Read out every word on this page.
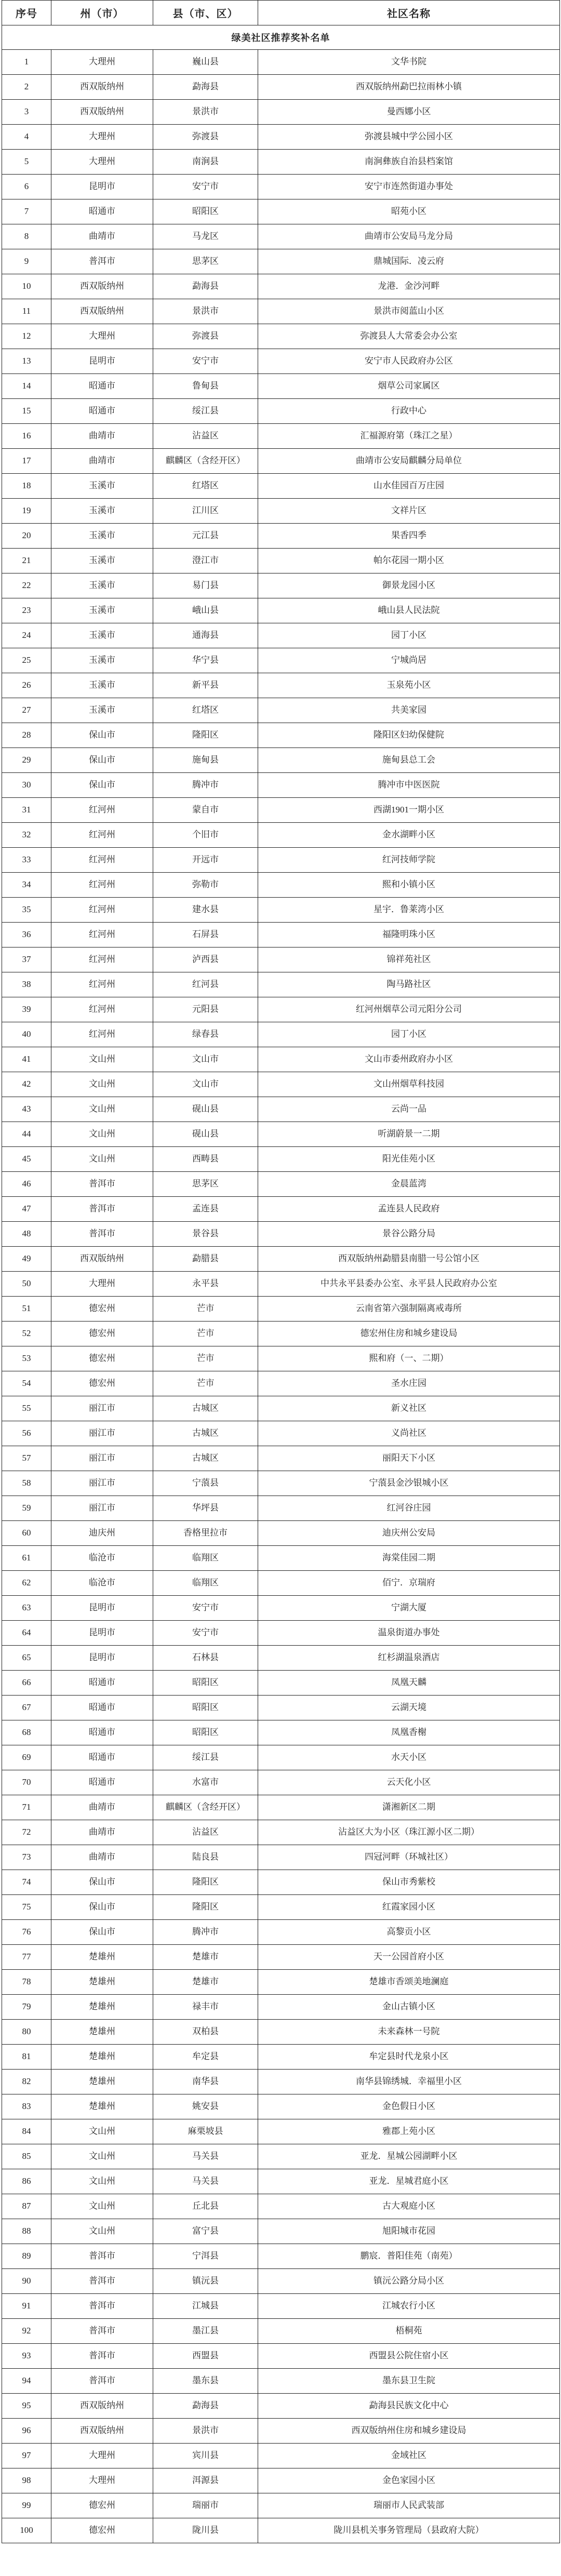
序号	州（市）	县（市、区）	社区名称
绿美社区推荐奖补名单			
1	大理州	巍山县	文华书院
2	西双版纳州	勐海县	西双版纳州勐巴拉雨林小镇
3	西双版纳州	景洪市	曼西娜小区
4	大理州	弥渡县	弥渡县城中学公园小区
5	大理州	南涧县	南涧彝族自治县档案馆
6	昆明市	安宁市	安宁市连然街道办事处
7	昭通市	昭阳区	昭苑小区
8	曲靖市	马龙区	曲靖市公安局马龙分局
9	普洱市	思茅区	鼎城国际．凌云府
10	西双版纳州	勐海县	龙港．金沙河畔
11	西双版纳州	景洪市	景洪市阅蓝山小区
12	大理州	弥渡县	弥渡县人大常委会办公室
13	昆明市	安宁市	安宁市人民政府办公区
14	昭通市	鲁甸县	烟草公司家属区
15	昭通市	绥江县	行政中心
16	曲靖市	沾益区	汇福源府第（珠江之星）
17	曲靖市	麒麟区（含经开区）	曲靖市公安局麒麟分局单位
18	玉溪市	红塔区	山水佳园百万庄园
19	玉溪市	江川区	文祥片区
20	玉溪市	元江县	果香四季
21	玉溪市	澄江市	帕尔花园一期小区
22	玉溪市	易门县	御景龙园小区
23	玉溪市	峨山县	峨山县人民法院
24	玉溪市	通海县	园丁小区
25	玉溪市	华宁县	宁城尚居
26	玉溪市	新平县	玉泉苑小区
27	玉溪市	红塔区	共美家园
28	保山市	隆阳区	隆阳区妇幼保健院
29	保山市	施甸县	施甸县总工会
30	保山市	腾冲市	腾冲市中医医院
31	红河州	蒙自市	西湖1901一期小区
32	红河州	个旧市	金水湖畔小区
33	红河州	开远市	红河技师学院
34	红河州	弥勒市	熙和小镇小区
35	红河州	建水县	星宇．鲁莱湾小区
36	红河州	石屏县	福隆明珠小区
37	红河州	泸西县	锦祥苑社区
38	红河州	红河县	陶马路社区
39	红河州	元阳县	红河州烟草公司元阳分公司
40	红河州	绿春县	园丁小区
41	文山州	文山市	文山市委州政府办小区
42	文山州	文山市	文山州烟草科技园
43	文山州	砚山县	云尚一品
44	文山州	砚山县	听湖蔚景一二期
45	文山州	西畴县	阳光佳苑小区
46	普洱市	思茅区	金晨蓝湾
47	普洱市	孟连县	孟连县人民政府
48	普洱市	景谷县	景谷公路分局
49	西双版纳州	勐腊县	西双版纳州勐腊县南腊一号公馆小区
50	大理州	永平县	中共永平县委办公室、永平县人民政府办公室
51	德宏州	芒市	云南省第六强制隔离戒毒所
52	德宏州	芒市	德宏州住房和城乡建设局
53	德宏州	芒市	熙和府（一、二期）
54	德宏州	芒市	圣水庄园
55	丽江市	古城区	新义社区
56	丽江市	古城区	义尚社区
57	丽江市	古城区	丽阳天下小区
58	丽江市	宁蒗县	宁蒗县金沙银城小区
59	丽江市	华坪县	红河谷庄园
60	迪庆州	香格里拉市	迪庆州公安局
61	临沧市	临翔区	海棠佳园二期
62	临沧市	临翔区	佰宁．京瑞府
63	昆明市	安宁市	宁湖大厦
64	昆明市	安宁市	温泉街道办事处
65	昆明市	石林县	红杉湖温泉酒店
66	昭通市	昭阳区	凤凰天麟
67	昭通市	昭阳区	云湖天境
68	昭通市	昭阳区	凤凰香榭
69	昭通市	绥江县	水天小区
70	昭通市	水富市	云天化小区
71	曲靖市	麒麟区（含经开区）	潇湘新区二期
72	曲靖市	沾益区	沾益区大为小区（珠江源小区二期）
73	曲靖市	陆良县	四冠河畔（环城社区）
74	保山市	隆阳区	保山市秀紫校
75	保山市	隆阳区	红霞家园小区
76	保山市	腾冲市	高黎贡小区
77	楚雄州	楚雄市	天一公园首府小区
78	楚雄州	楚雄市	楚雄市香颂美地澜庭
79	楚雄州	禄丰市	金山古镇小区
80	楚雄州	双柏县	未来森林一号院
81	楚雄州	牟定县	牟定县时代龙泉小区
82	楚雄州	南华县	南华县锦绣城．幸福里小区
83	楚雄州	姚安县	金色假日小区
84	文山州	麻栗坡县	雅郡上苑小区
85	文山州	马关县	亚龙．星城公园湖畔小区
86	文山州	马关县	亚龙．星城君庭小区
87	文山州	丘北县	古大观庭小区
88	文山州	富宁县	旭阳城市花园
89	普洱市	宁洱县	鹏宸．普阳佳苑（南苑）
90	普洱市	镇沅县	镇沅公路分局小区
91	普洱市	江城县	江城农行小区
92	普洱市	墨江县	梧桐苑
93	普洱市	西盟县	西盟县公院住宿小区
94	普洱市	墨东县	墨东县卫生院
95	西双版纳州	勐海县	勐海县民族文化中心
96	西双版纳州	景洪市	西双版纳州住房和城乡建设局
97	大理州	宾川县	金域社区
98	大理州	洱源县	金色家园小区
99	德宏州	瑞丽市	瑞丽市人民武装部
100	德宏州	陇川县	陇川县机关事务管理局（县政府大院）
